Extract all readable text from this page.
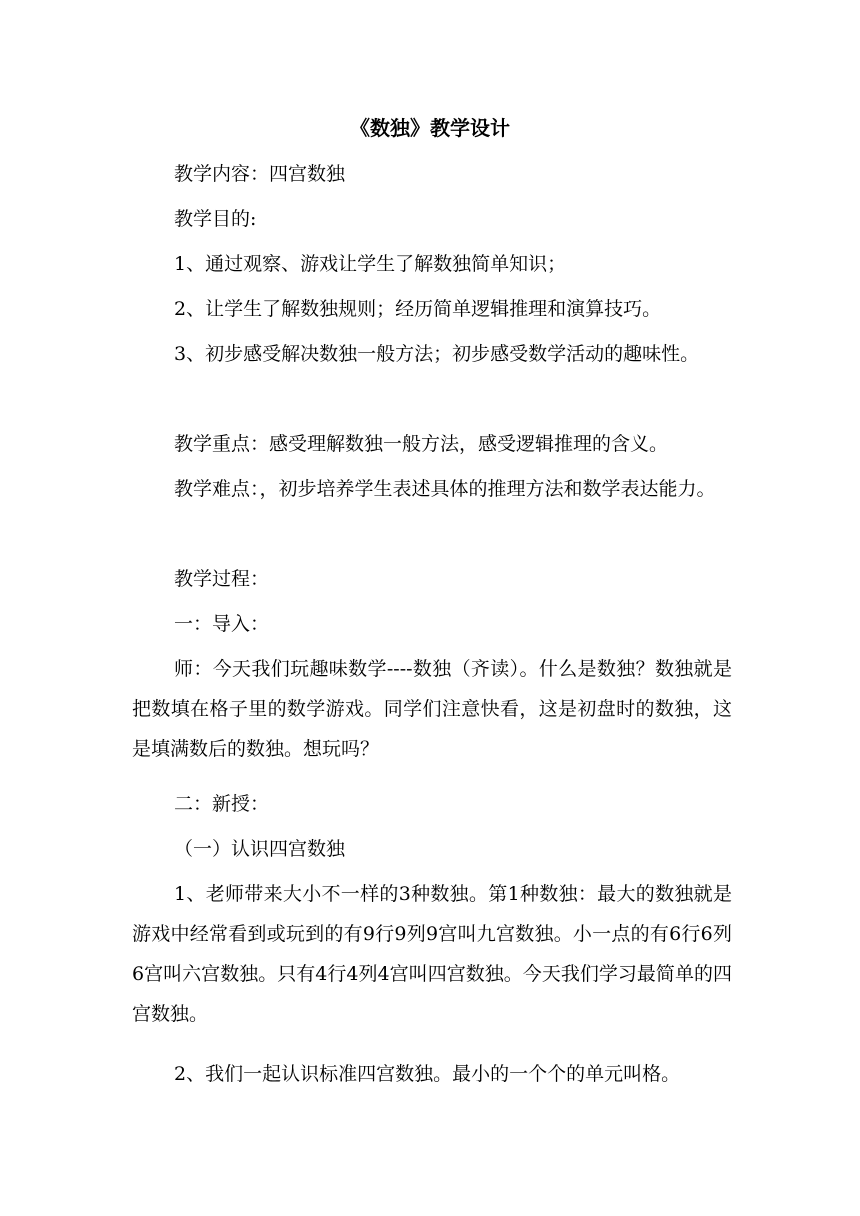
《数独》教学设计

教学内容：四宫数独

教学目的:

1、通过观察、游戏让学生了解数独简单知识；

2、让学生了解数独规则；经历简单逻辑推理和演算技巧。

3、初步感受解决数独一般方法；初步感受数学活动的趣味性。

教学重点：感受理解数独一般方法，感受逻辑推理的含义。

教学难点：，初步培养学生表述具体的推理方法和数学表达能力。

教学过程：

一：导入：

师：今天我们玩趣味数学----数独（齐读）。什么是数独？数独就是把数填在格子里的数学游戏。同学们注意快看，这是初盘时的数独，这是填满数后的数独。想玩吗？

二：新授：

（一）认识四宫数独

1、老师带来大小不一样的3种数独。第1种数独：最大的数独就是游戏中经常看到或玩到的有9行9列9宫叫九宫数独。小一点的有6行6列6宫叫六宫数独。只有4行4列4宫叫四宫数独。今天我们学习最简单的四宫数独。

2、我们一起认识标准四宫数独。最小的一个个的单元叫格。
